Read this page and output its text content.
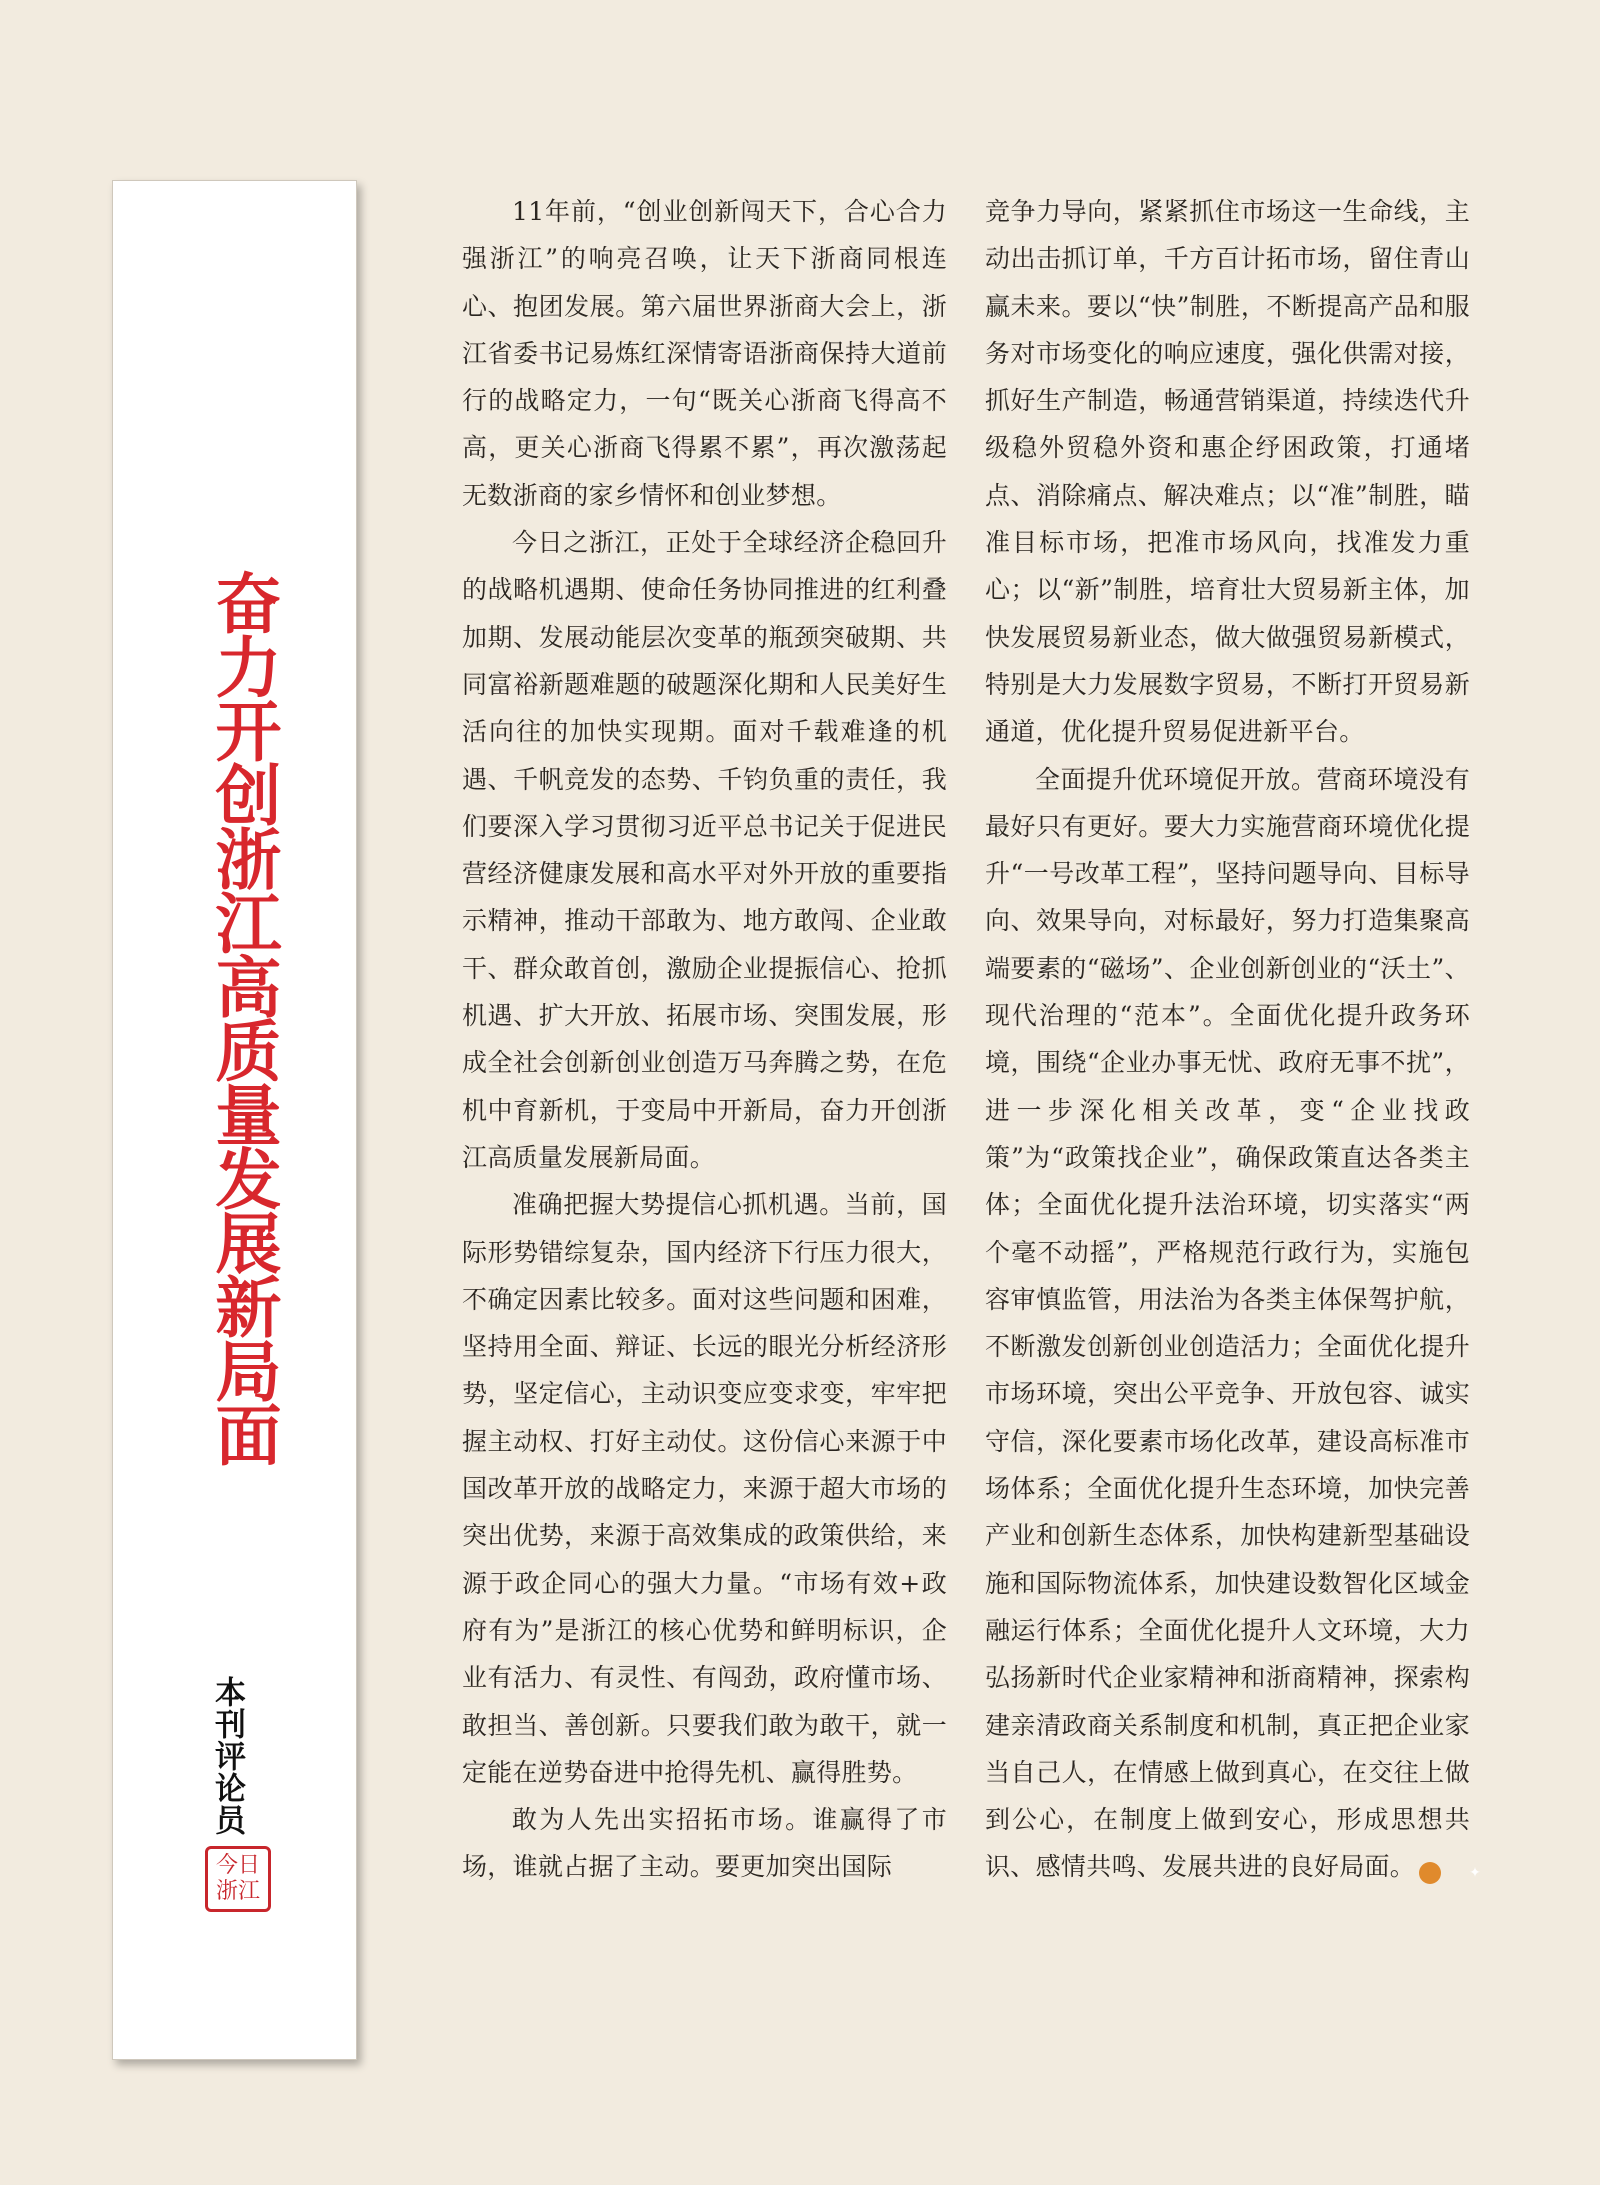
奋力开创浙江高质量发展新局面
本刊评论员
今日浙江

11年前，“创业创新闯天下，合心合力强浙江”的响亮召唤，让天下浙商同根连心、抱团发展。第六届世界浙商大会上，浙江省委书记易炼红深情寄语浙商保持大道前行的战略定力，一句“既关心浙商飞得高不高，更关心浙商飞得累不累”，再次激荡起无数浙商的家乡情怀和创业梦想。

今日之浙江，正处于全球经济企稳回升的战略机遇期、使命任务协同推进的红利叠加期、发展动能层次变革的瓶颈突破期、共同富裕新题难题的破题深化期和人民美好生活向往的加快实现期。面对千载难逢的机遇、千帆竞发的态势、千钧负重的责任，我们要深入学习贯彻习近平总书记关于促进民营经济健康发展和高水平对外开放的重要指示精神，推动干部敢为、地方敢闯、企业敢干、群众敢首创，激励企业提振信心、抢抓机遇、扩大开放、拓展市场、突围发展，形成全社会创新创业创造万马奔腾之势，在危机中育新机，于变局中开新局，奋力开创浙江高质量发展新局面。

准确把握大势提信心抓机遇。当前，国际形势错综复杂，国内经济下行压力很大，不确定因素比较多。面对这些问题和困难，坚持用全面、辩证、长远的眼光分析经济形势，坚定信心，主动识变应变求变，牢牢把握主动权、打好主动仗。这份信心来源于中国改革开放的战略定力，来源于超大市场的突出优势，来源于高效集成的政策供给，来源于政企同心的强大力量。“市场有效+政府有为”是浙江的核心优势和鲜明标识，企业有活力、有灵性、有闯劲，政府懂市场、敢担当、善创新。只要我们敢为敢干，就一定能在逆势奋进中抢得先机、赢得胜势。

敢为人先出实招拓市场。谁赢得了市场，谁就占据了主动。要更加突出国际

竞争力导向，紧紧抓住市场这一生命线，主动出击抓订单，千方百计拓市场，留住青山赢未来。要以“快”制胜，不断提高产品和服务对市场变化的响应速度，强化供需对接，抓好生产制造，畅通营销渠道，持续迭代升级稳外贸稳外资和惠企纾困政策，打通堵点、消除痛点、解决难点；以“准”制胜，瞄准目标市场，把准市场风向，找准发力重心；以“新”制胜，培育壮大贸易新主体，加快发展贸易新业态，做大做强贸易新模式，特别是大力发展数字贸易，不断打开贸易新通道，优化提升贸易促进新平台。

全面提升优环境促开放。营商环境没有最好只有更好。要大力实施营商环境优化提升“一号改革工程”，坚持问题导向、目标导向、效果导向，对标最好，努力打造集聚高端要素的“磁场”、企业创新创业的“沃土”、现代治理的“范本”。全面优化提升政务环境，围绕“企业办事无忧、政府无事不扰”，进一步深化相关改革，变“企业找政策”为“政策找企业”，确保政策直达各类主体；全面优化提升法治环境，切实落实“两个毫不动摇”，严格规范行政行为，实施包容审慎监管，用法治为各类主体保驾护航，不断激发创新创业创造活力；全面优化提升市场环境，突出公平竞争、开放包容、诚实守信，深化要素市场化改革，建设高标准市场体系；全面优化提升生态环境，加快完善产业和创新生态体系，加快构建新型基础设施和国际物流体系，加快建设数智化区域金融运行体系；全面优化提升人文环境，大力弘扬新时代企业家精神和浙商精神，探索构建亲清政商关系制度和机制，真正把企业家当自己人，在情感上做到真心，在交往上做到公心，在制度上做到安心，形成思想共识、感情共鸣、发展共进的良好局面。	✦
